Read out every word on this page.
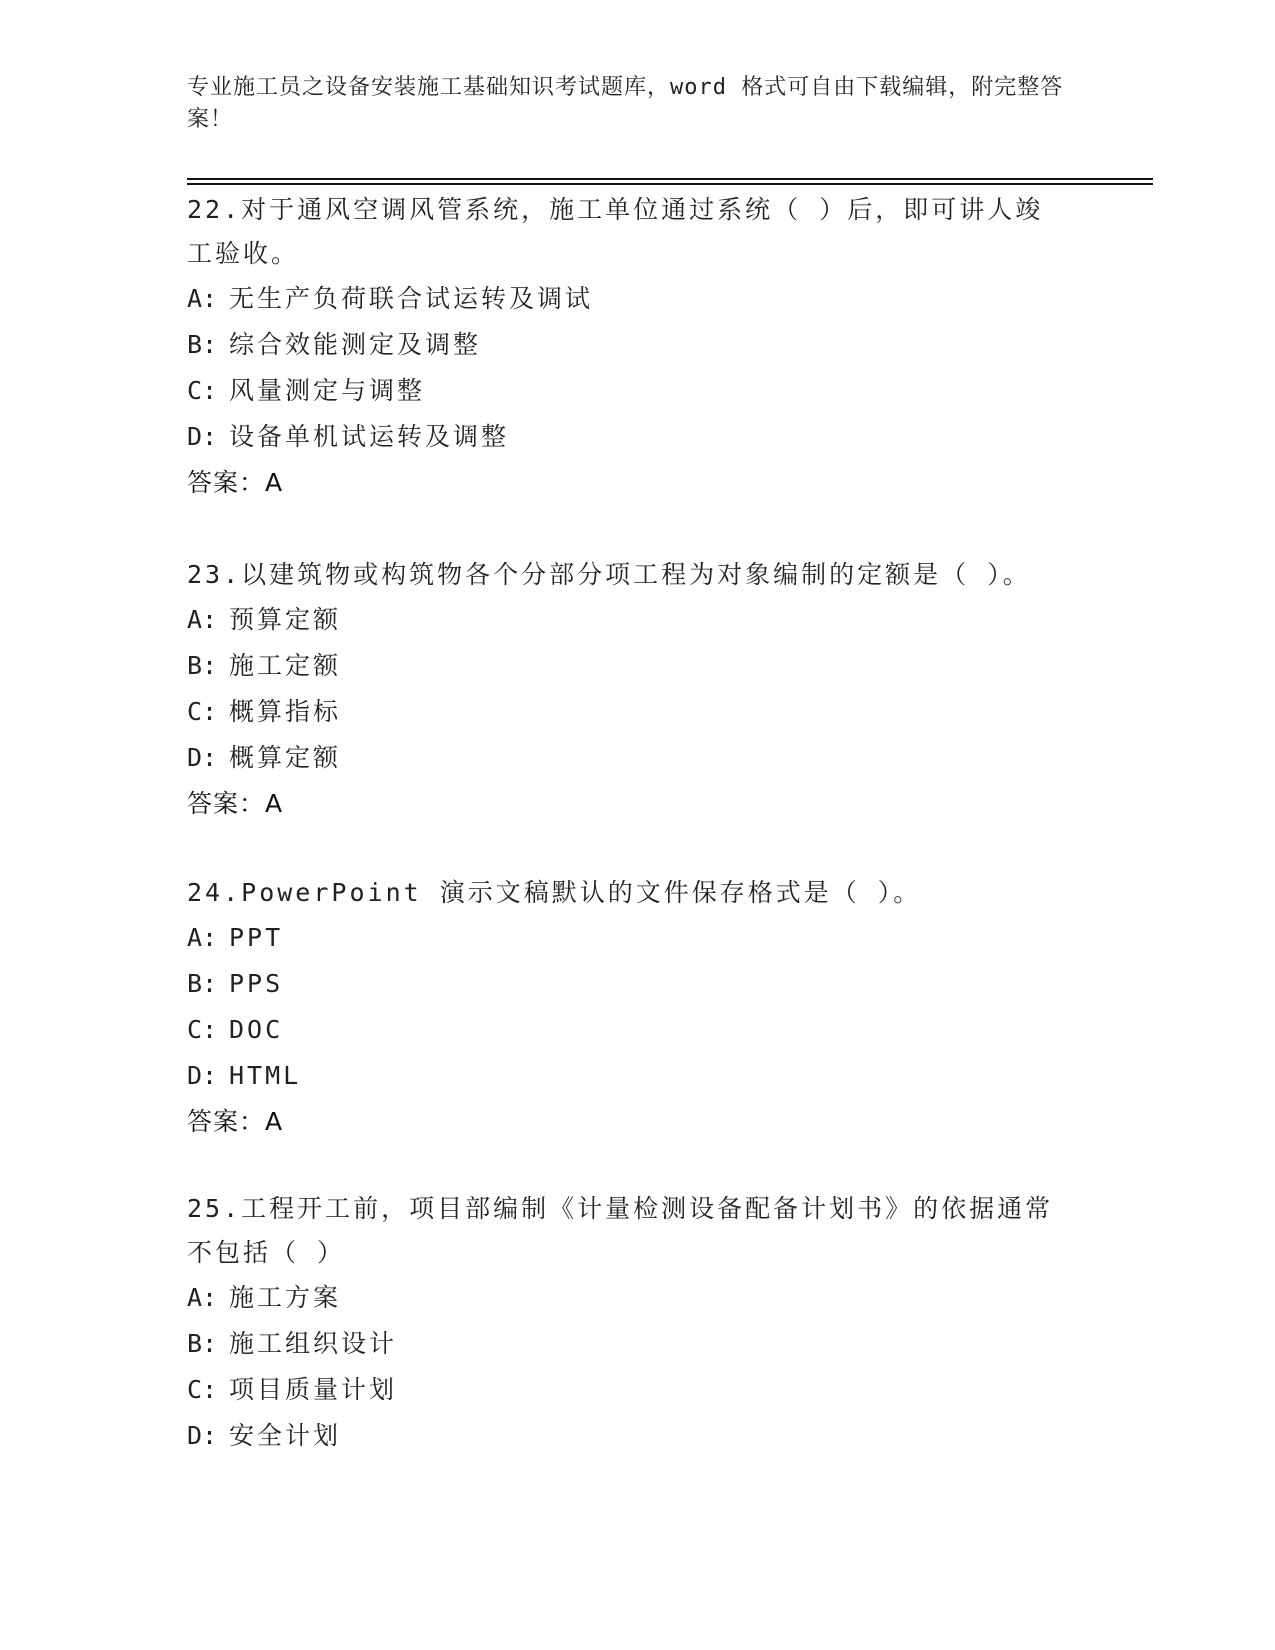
专业施工员之设备安装施工基础知识考试题库，word 格式可自由下载编辑，附完整答案！

22.对于通风空调风管系统，施工单位通过系统（ ）后，即可讲人竣工验收。

A: 无生产负荷联合试运转及调试

B: 综合效能测定及调整

C: 风量测定与调整

D: 设备单机试运转及调整

答案：A

23.以建筑物或构筑物各个分部分项工程为对象编制的定额是（ ）。

A: 预算定额

B: 施工定额

C: 概算指标

D: 概算定额

答案：A

24.PowerPoint 演示文稿默认的文件保存格式是（ ）。

A: PPT

B: PPS

C: DOC

D: HTML

答案：A

25.工程开工前，项目部编制《计量检测设备配备计划书》的依据通常不包括（ ）

A: 施工方案

B: 施工组织设计

C: 项目质量计划

D: 安全计划
